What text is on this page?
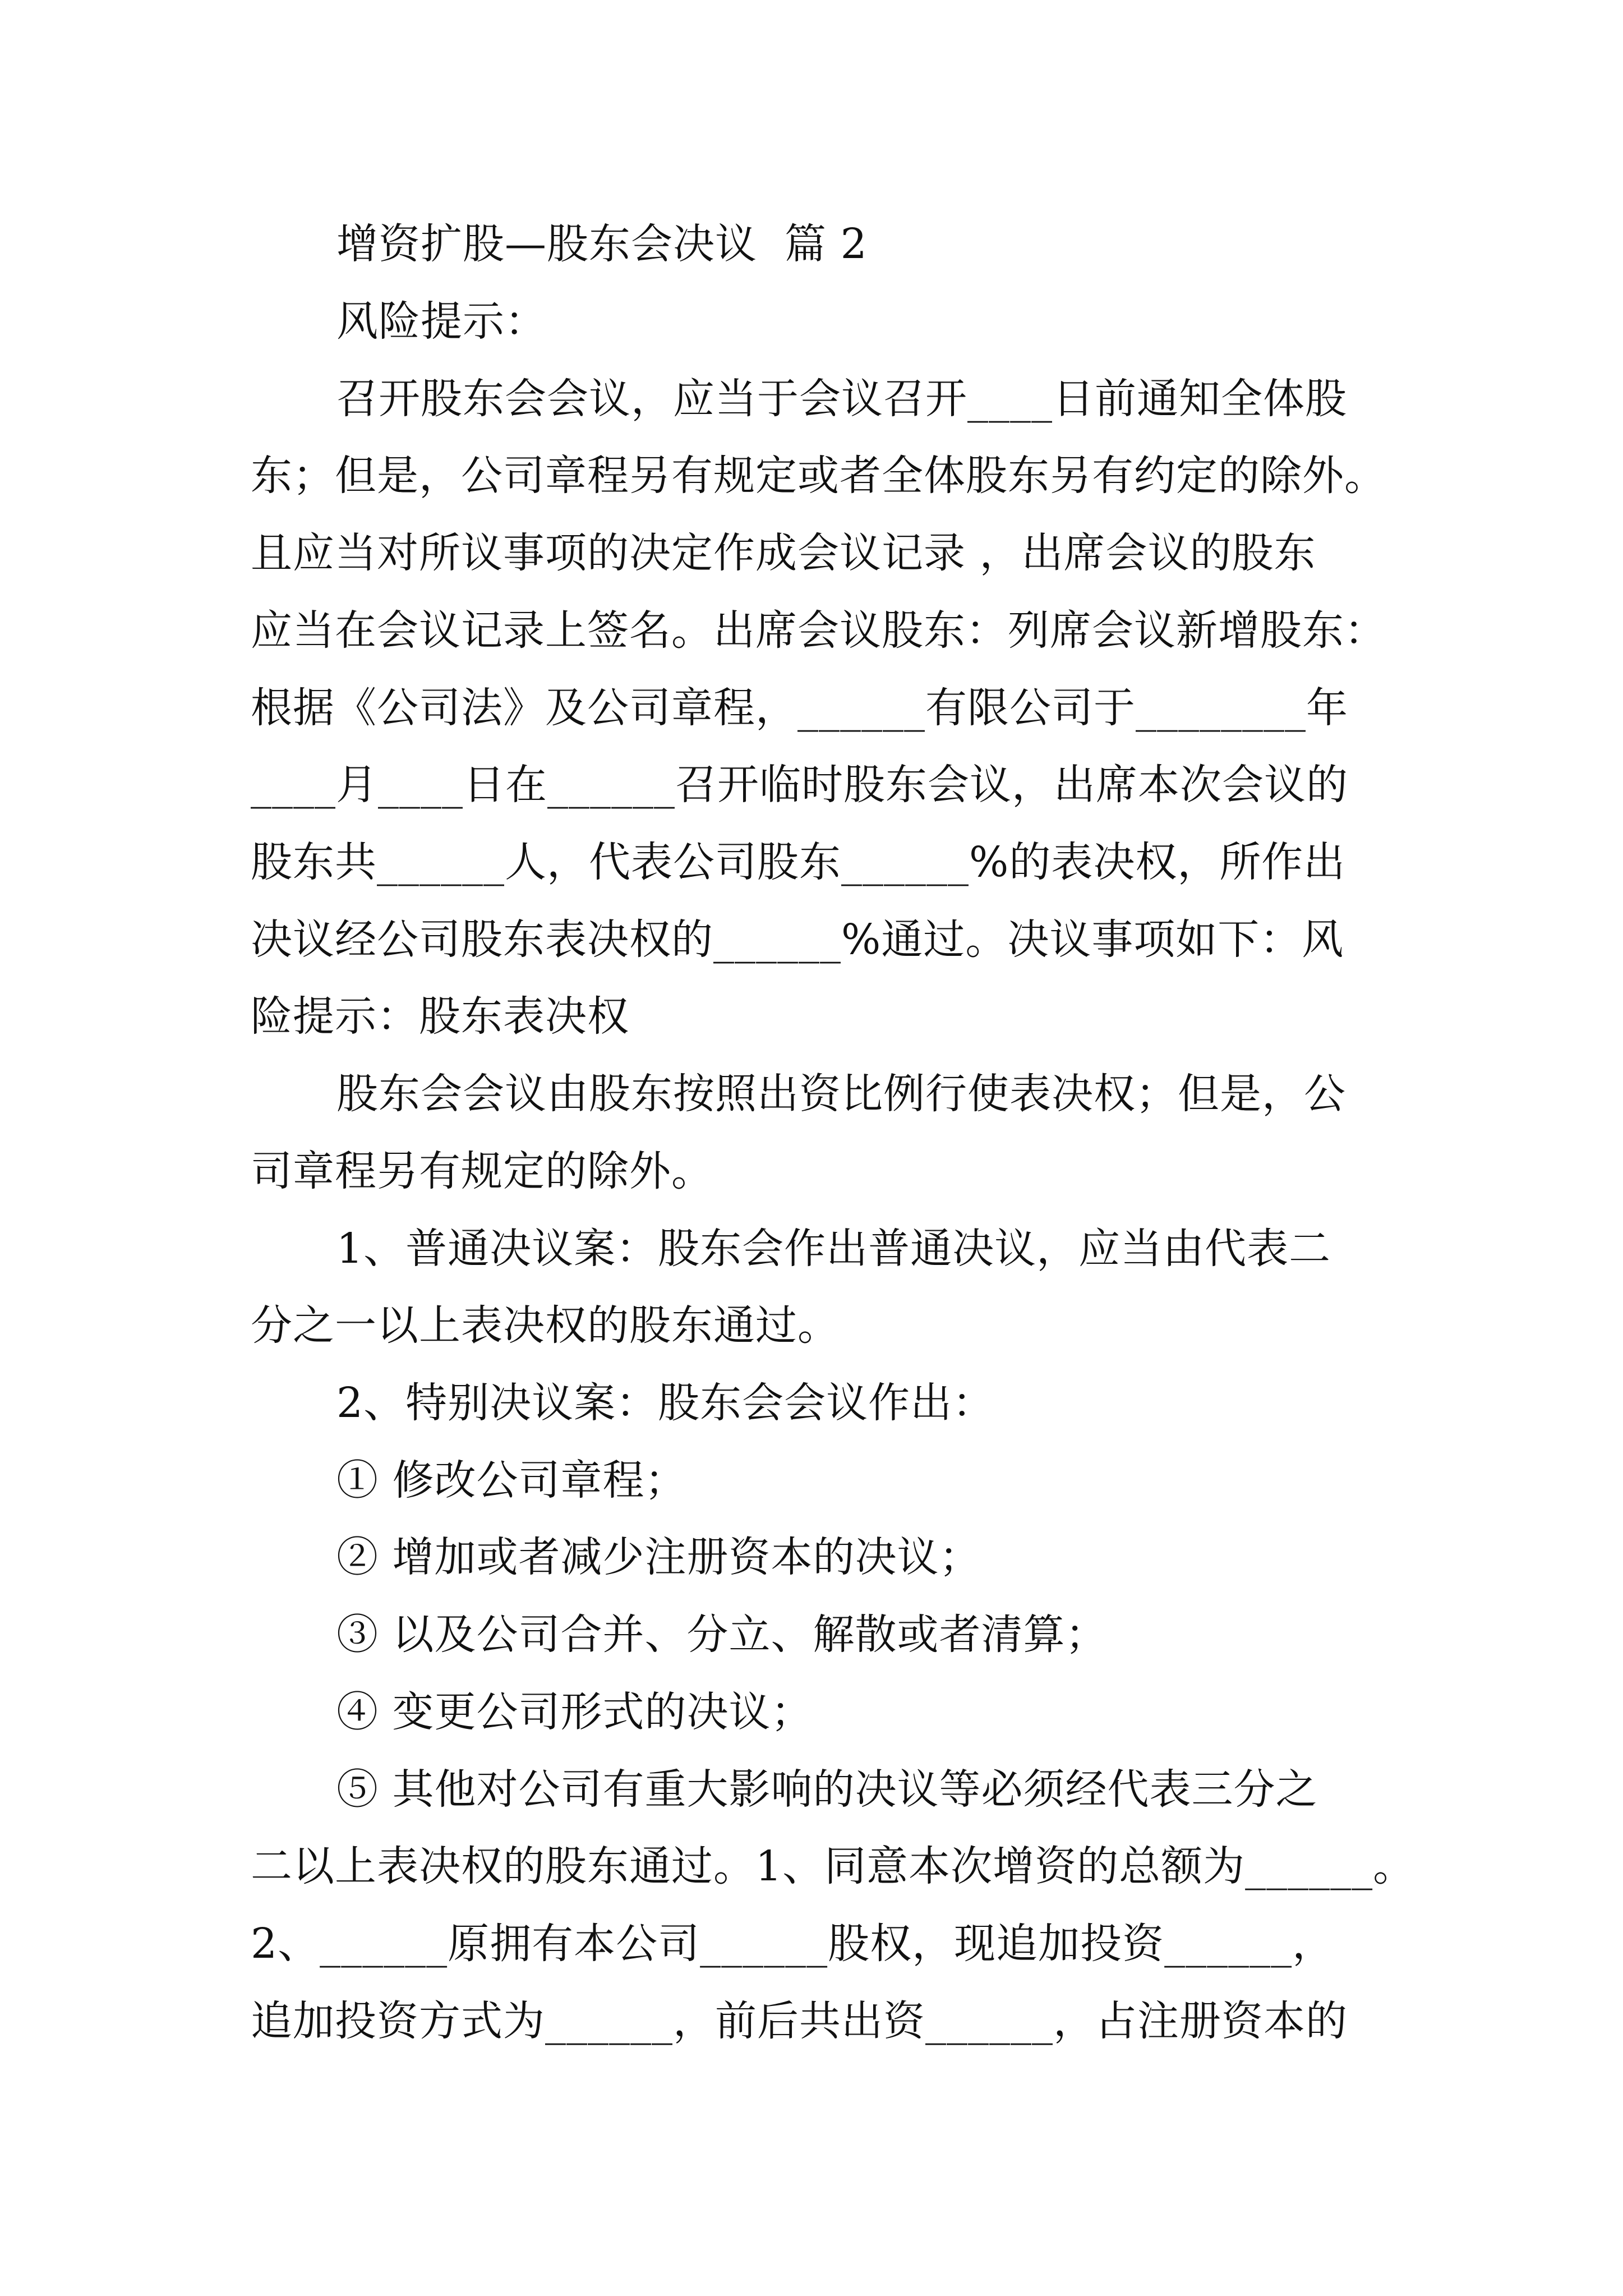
增资扩股—股东会决议  篇 2
风险提示：
召开股东会会议，应当于会议召开____日前通知全体股
东；但是，公司章程另有规定或者全体股东另有约定的除外。
且应当对所议事项的决定作成会议记录 ，出席会议的股东
应当在会议记录上签名。出席会议股东：列席会议新增股东：
根据《公司法》及公司章程，______有限公司于________年
____月____日在______召开临时股东会议，出席本次会议的
股东共______人，代表公司股东______%的表决权，所作出
决议经公司股东表决权的______%通过。决议事项如下：风
险提示：股东表决权
股东会会议由股东按照出资比例行使表决权；但是，公
司章程另有规定的除外。
1、普通决议案：股东会作出普通决议，应当由代表二
分之一以上表决权的股东通过。
2、特别决议案：股东会会议作出：
① 修改公司章程；
② 增加或者减少注册资本的决议；
③ 以及公司合并、分立、解散或者清算；
④ 变更公司形式的决议；
⑤ 其他对公司有重大影响的决议等必须经代表三分之
二以上表决权的股东通过。1、同意本次增资的总额为______。
2、______原拥有本公司______股权，现追加投资______，
追加投资方式为______，前后共出资______，占注册资本的
